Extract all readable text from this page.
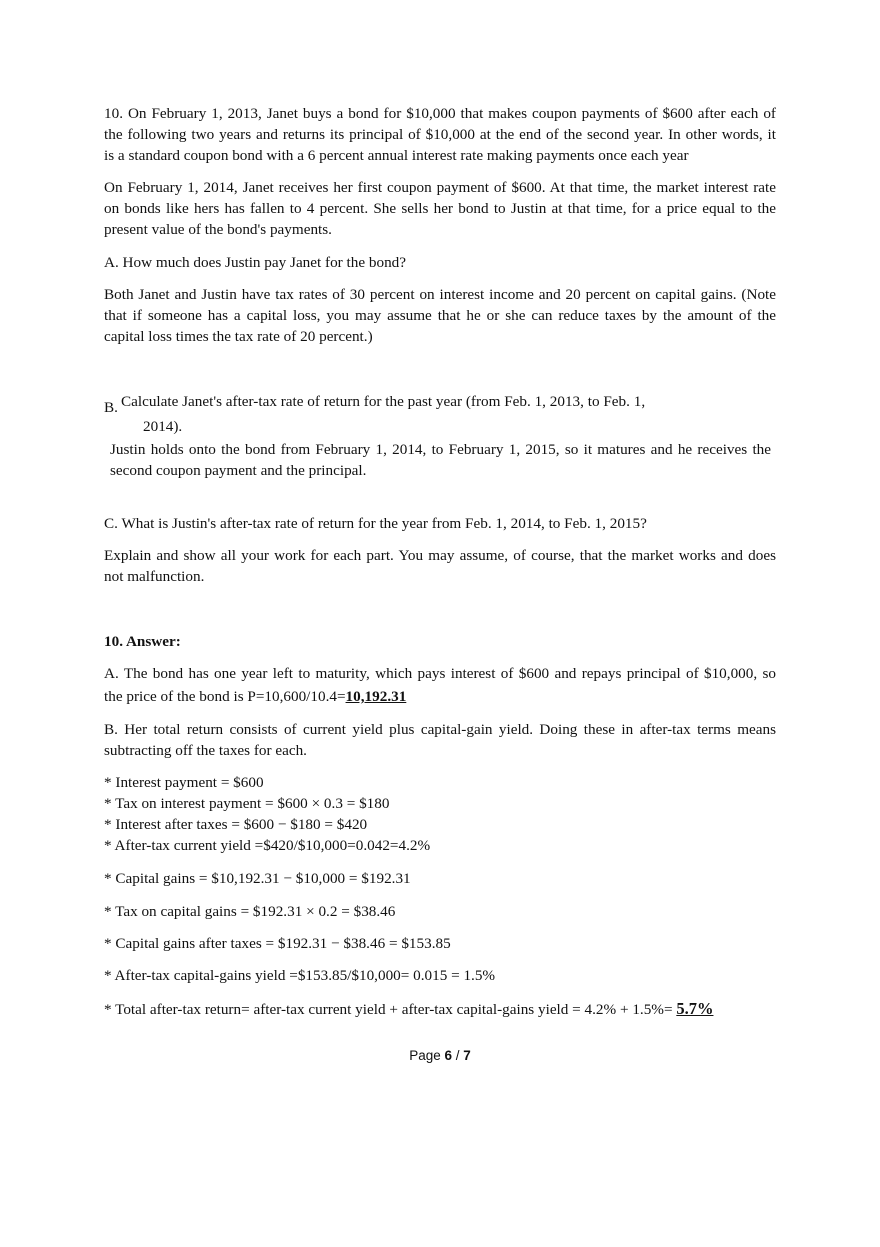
10. On February 1, 2013, Janet buys a bond for $10,000 that makes coupon payments of $600 after each of
the following two years and returns its principal of $10,000 at the end of the second year. In other words, it
is a standard coupon bond with a 6 percent annual interest rate making payments once each year
On February 1, 2014, Janet receives her first coupon payment of $600. At that time, the market interest rate
on bonds like hers has fallen to 4 percent. She sells her bond to Justin at that time, for a price equal to the
present value of the bond's payments.
A. How much does Justin pay Janet for the bond?
Both Janet and Justin have tax rates of 30 percent on interest income and 20 percent on capital gains. (Note
that if someone has a capital loss, you may assume that he or she can reduce taxes by the amount of the
capital loss times the tax rate of 20 percent.)
B. Calculate Janet's after-tax rate of return for the past year (from Feb. 1, 2013, to Feb. 1,
2014).
Justin holds onto the bond from February 1, 2014, to February 1, 2015, so it matures and he receives the
second coupon payment and the principal.
C. What is Justin's after-tax rate of return for the year from Feb. 1, 2014, to Feb. 1, 2015?
Explain and show all your work for each part. You may assume, of course, that the market works and does
not malfunction.
10. Answer:
A. The bond has one year left to maturity, which pays interest of $600 and repays principal of $10,000, so
the price of the bond is P=10,600/10.4=10,192.31
B. Her total return consists of current yield plus capital-gain yield. Doing these in after-tax terms means
subtracting off the taxes for each.
* Interest payment = $600
* Tax on interest payment = $600 × 0.3 = $180
* Interest after taxes = $600 − $180 = $420
* After-tax current yield =$420/$10,000=0.042=4.2%
* Capital gains = $10,192.31 − $10,000 = $192.31
* Tax on capital gains = $192.31 × 0.2 = $38.46
* Capital gains after taxes = $192.31 − $38.46 = $153.85
* After-tax capital-gains yield =$153.85/$10,000= 0.015 = 1.5%
* Total after-tax return= after-tax current yield + after-tax capital-gains yield = 4.2% + 1.5%= 5.7%
Page 6 / 7
